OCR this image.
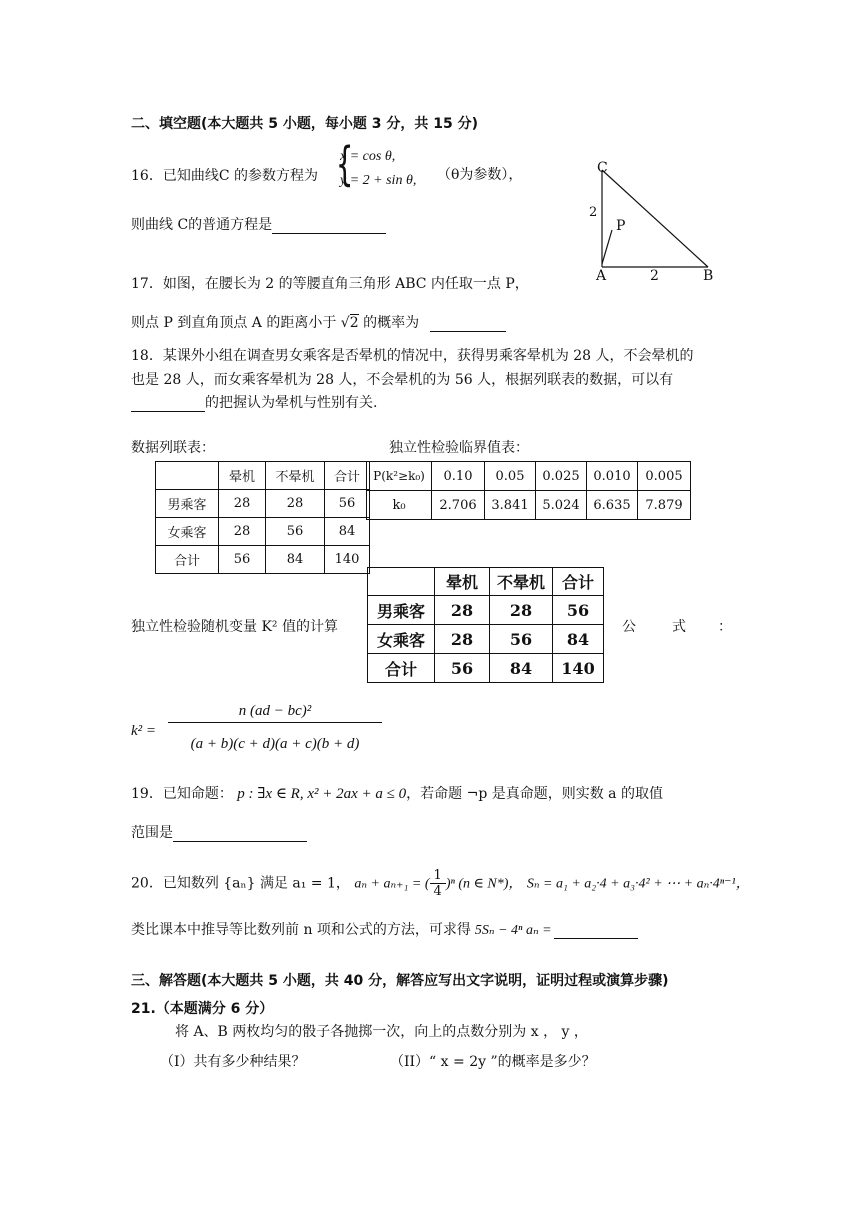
二、填空题(本大题共 5 小题，每小题 3 分，共 15 分)
16．已知曲线C 的参数方程为 {
x = cos θ,
y = 2 + sin θ, （θ为参数），
则曲线 C的普通方程是
C
2
P
A	2	B
17．如图，在腰长为 2 的等腰直角三角形 ABC 内任取一点 P，
则点 P 到直角顶点 A 的距离小于 √2 的概率为
18．某课外小组在调查男女乘客是否晕机的情况中，获得男乘客晕机为 28 人，不会晕机的
也是 28 人，而女乘客晕机为 28 人，不会晕机的为 56 人，根据列联表的数据，可以有
的把握认为晕机与性别有关.
数据列联表：	独立性检验临界值表：
	晕机	不晕机	合计
男乘客	28	28	56
女乘客	28	56	84
合计	56	84	140
P(k²≥k₀)	0.10	0.05	0.025	0.010	0.005
k₀	2.706	3.841	5.024	6.635	7.879
	晕机	不晕机	合计
男乘客	28	28	56
女乘客	28	56	84
合计	56	84	140
独立性检验随机变量 K² 值的计算	公	式 ：
k² =
n (ad − bc)²
(a + b)(c + d)(a + c)(b + d)
19．已知命题： p : ∃x ∈ R, x² + 2ax + a ≤ 0，若命题 ¬p 是真命题，则实数 a 的取值
范围是
20．已知数列 {aₙ} 满足 a₁ = 1， aₙ + aₙ₊₁ = ( $\frac{1}{4} )^n$ (n ∈ N*)， Sₙ = a₁ + a₂·4 + a₃·4² + ⋯ + aₙ·4ⁿ⁻¹，
类比课本中推导等比数列前 n 项和公式的方法，可求得 5Sₙ − 4ⁿ aₙ =
三、解答题(本大题共 5 小题，共 40 分，解答应写出文字说明，证明过程或演算步骤)
21.（本题满分 6 分）
将 A、B 两枚均匀的骰子各抛掷一次，向上的点数分别为 x ， y ，
（I）共有多少种结果？	（II）“ x = 2y ”的概率是多少？
